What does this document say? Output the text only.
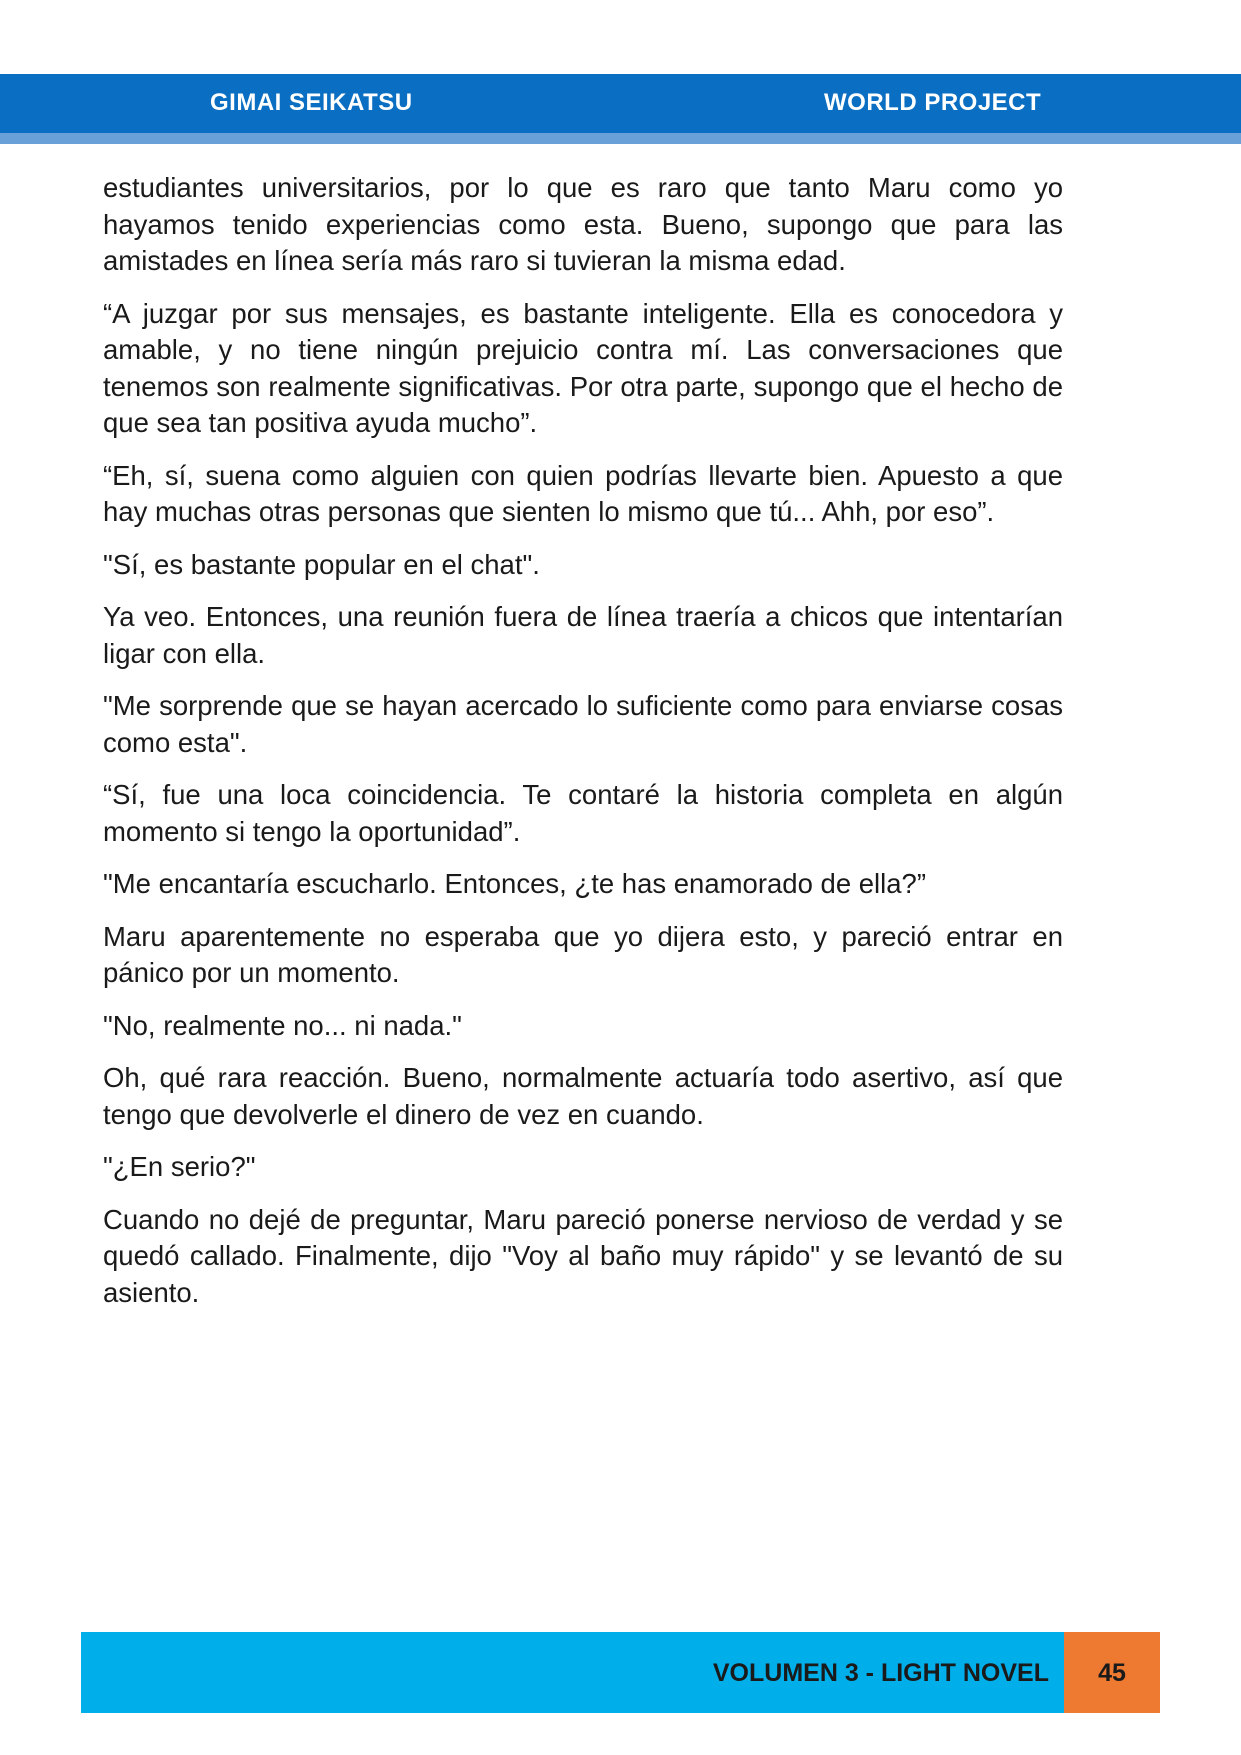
GIMAI SEIKATSU	WORLD PROJECT

estudiantes universitarios, por lo que es raro que tanto Maru como yo hayamos tenido experiencias como esta. Bueno, supongo que para las amistades en línea sería más raro si tuvieran la misma edad.

“A juzgar por sus mensajes, es bastante inteligente. Ella es conocedora y amable, y no tiene ningún prejuicio contra mí. Las conversaciones que tenemos son realmente significativas. Por otra parte, supongo que el hecho de que sea tan positiva ayuda mucho”.

“Eh, sí, suena como alguien con quien podrías llevarte bien. Apuesto a que hay muchas otras personas que sienten lo mismo que tú... Ahh, por eso”.

"Sí, es bastante popular en el chat".

Ya veo. Entonces, una reunión fuera de línea traería a chicos que intentarían ligar con ella.

"Me sorprende que se hayan acercado lo suficiente como para enviarse cosas como esta".

“Sí, fue una loca coincidencia. Te contaré la historia completa en algún momento si tengo la oportunidad”.

"Me encantaría escucharlo. Entonces, ¿te has enamorado de ella?”

Maru aparentemente no esperaba que yo dijera esto, y pareció entrar en pánico por un momento.

"No, realmente no... ni nada."

Oh, qué rara reacción. Bueno, normalmente actuaría todo asertivo, así que tengo que devolverle el dinero de vez en cuando.

"¿En serio?"

Cuando no dejé de preguntar, Maru pareció ponerse nervioso de verdad y se quedó callado. Finalmente, dijo "Voy al baño muy rápido" y se levantó de su asiento.

VOLUMEN 3 - LIGHT NOVEL	45
